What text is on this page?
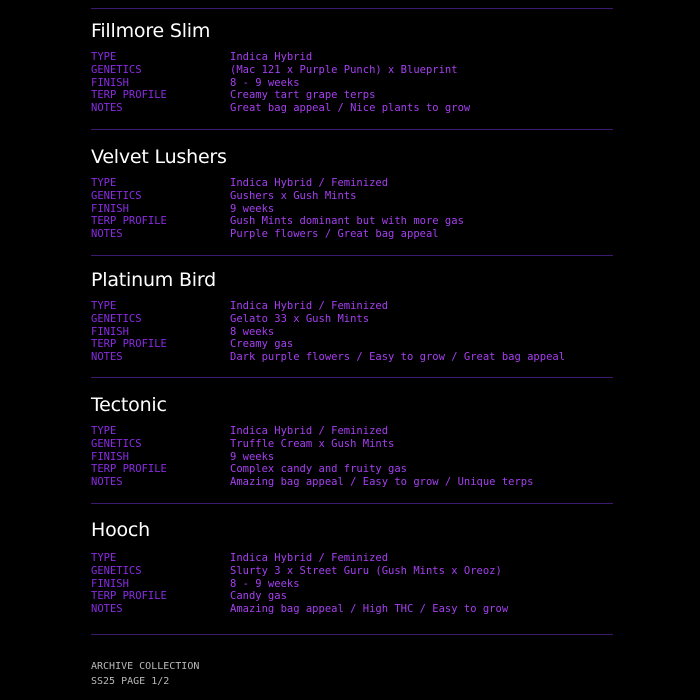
Fillmore Slim
TYPE	Indica Hybrid
GENETICS	(Mac 121 x Purple Punch) x Blueprint
FINISH	8 - 9 weeks
TERP PROFILE	Creamy tart grape terps
NOTES	Great bag appeal / Nice plants to grow
Velvet Lushers
TYPE	Indica Hybrid / Feminized
GENETICS	Gushers x Gush Mints
FINISH	9 weeks
TERP PROFILE	Gush Mints dominant but with more gas
NOTES	Purple flowers / Great bag appeal
Platinum Bird
TYPE	Indica Hybrid / Feminized
GENETICS	Gelato 33 x Gush Mints
FINISH	8 weeks
TERP PROFILE	Creamy gas
NOTES	Dark purple flowers / Easy to grow / Great bag appeal
Tectonic
TYPE	Indica Hybrid / Feminized
GENETICS	Truffle Cream x Gush Mints
FINISH	9 weeks
TERP PROFILE	Complex candy and fruity gas
NOTES	Amazing bag appeal / Easy to grow / Unique terps
Hooch
TYPE	Indica Hybrid / Feminized
GENETICS	Slurty 3 x Street Guru (Gush Mints x Oreoz)
FINISH	8 - 9 weeks
TERP PROFILE	Candy gas
NOTES	Amazing bag appeal / High THC / Easy to grow
ARCHIVE COLLECTION
SS25 PAGE 1/2
